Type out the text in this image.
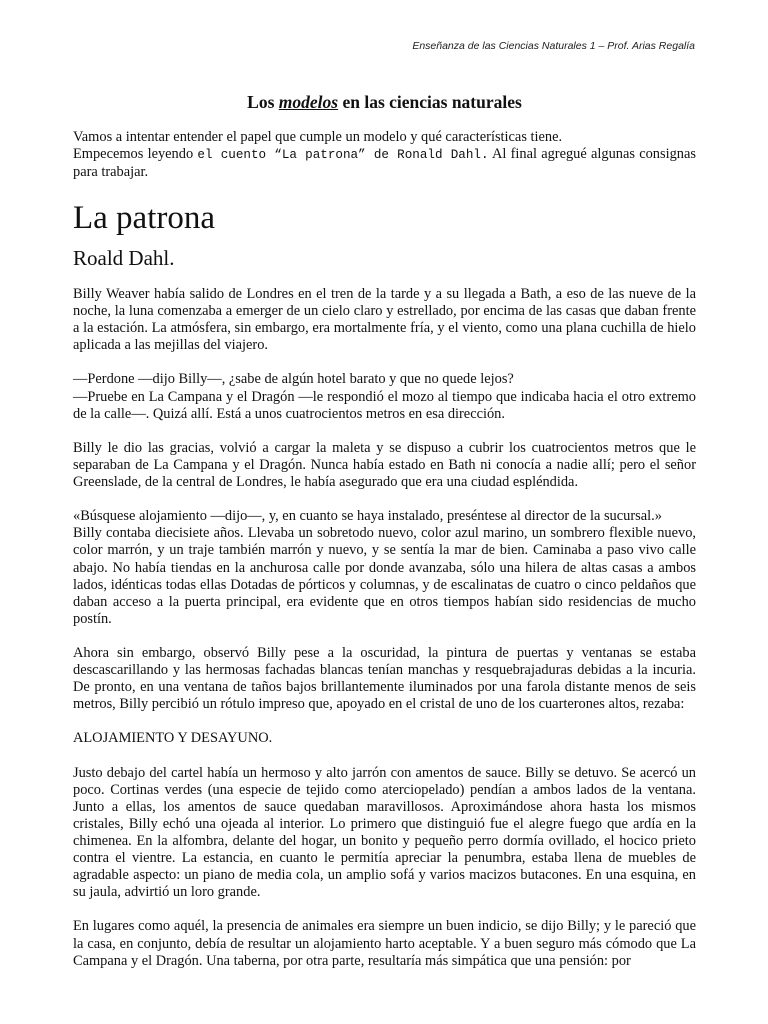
Enseñanza de las Ciencias Naturales 1 – Prof. Arias Regalía
Los modelos en las ciencias naturales

Vamos a intentar entender el papel que cumple un modelo y qué características tiene.

Empecemos leyendo el cuento “La patrona” de Ronald Dahl. Al final agregué algunas consignas para trabajar.

La patrona
Roald Dahl.

Billy Weaver había salido de Londres en el tren de la tarde y a su llegada a Bath, a eso de las nueve de la noche, la luna comenzaba a emerger de un cielo claro y estrellado, por encima de las casas que daban frente a la estación. La atmósfera, sin embargo, era mortalmente fría, y el viento, como una plana cuchilla de hielo aplicada a las mejillas del viajero.

—Perdone —dijo Billy—, ¿sabe de algún hotel barato y que no quede lejos?

—Pruebe en La Campana y el Dragón —le respondió el mozo al tiempo que indicaba hacia el otro extremo de la calle—. Quizá allí. Está a unos cuatrocientos metros en esa dirección.

Billy le dio las gracias, volvió a cargar la maleta y se dispuso a cubrir los cuatrocientos metros que le separaban de La Campana y el Dragón. Nunca había estado en Bath ni conocía a nadie allí; pero el señor Greenslade, de la central de Londres, le había asegurado que era una ciudad espléndida.

«Búsquese alojamiento —dijo—, y, en cuanto se haya instalado, preséntese al director de la sucursal.»

Billy contaba diecisiete años. Llevaba un sobretodo nuevo, color azul marino, un sombrero flexible nuevo, color marrón, y un traje también marrón y nuevo, y se sentía la mar de bien. Caminaba a paso vivo calle abajo. No había tiendas en la anchurosa calle por donde avanzaba, sólo una hilera de altas casas a ambos lados, idénticas todas ellas Dotadas de pórticos y columnas, y de escalinatas de cuatro o cinco peldaños que daban acceso a la puerta principal, era evidente que en otros tiempos habían sido residencias de mucho postín.

Ahora sin embargo, observó Billy pese a la oscuridad, la pintura de puertas y ventanas se estaba descascarillando y las hermosas fachadas blancas tenían manchas y resquebrajaduras debidas a la incuria. De pronto, en una ventana de taños bajos brillantemente iluminados por una farola distante menos de seis metros, Billy percibió un rótulo impreso que, apoyado en el cristal de uno de los cuarterones altos, rezaba:

ALOJAMIENTO Y DESAYUNO.

Justo debajo del cartel había un hermoso y alto jarrón con amentos de sauce. Billy se detuvo. Se acercó un poco. Cortinas verdes (una especie de tejido como aterciopelado) pendían a ambos lados de la ventana. Junto a ellas, los amentos de sauce quedaban maravillosos. Aproximándose ahora hasta los mismos cristales, Billy echó una ojeada al interior. Lo primero que distinguió fue el alegre fuego que ardía en la chimenea. En la alfombra, delante del hogar, un bonito y pequeño perro dormía ovillado, el hocico prieto contra el vientre. La estancia, en cuanto le permitía apreciar la penumbra, estaba llena de muebles de agradable aspecto: un piano de media cola, un amplio sofá y varios macizos butacones. En una esquina, en su jaula, advirtió un loro grande.

En lugares como aquél, la presencia de animales era siempre un buen indicio, se dijo Billy; y le pareció que la casa, en conjunto, debía de resultar un alojamiento harto aceptable. Y a buen seguro más cómodo que La Campana y el Dragón. Una taberna, por otra parte, resultaría más simpática que una pensión: por
